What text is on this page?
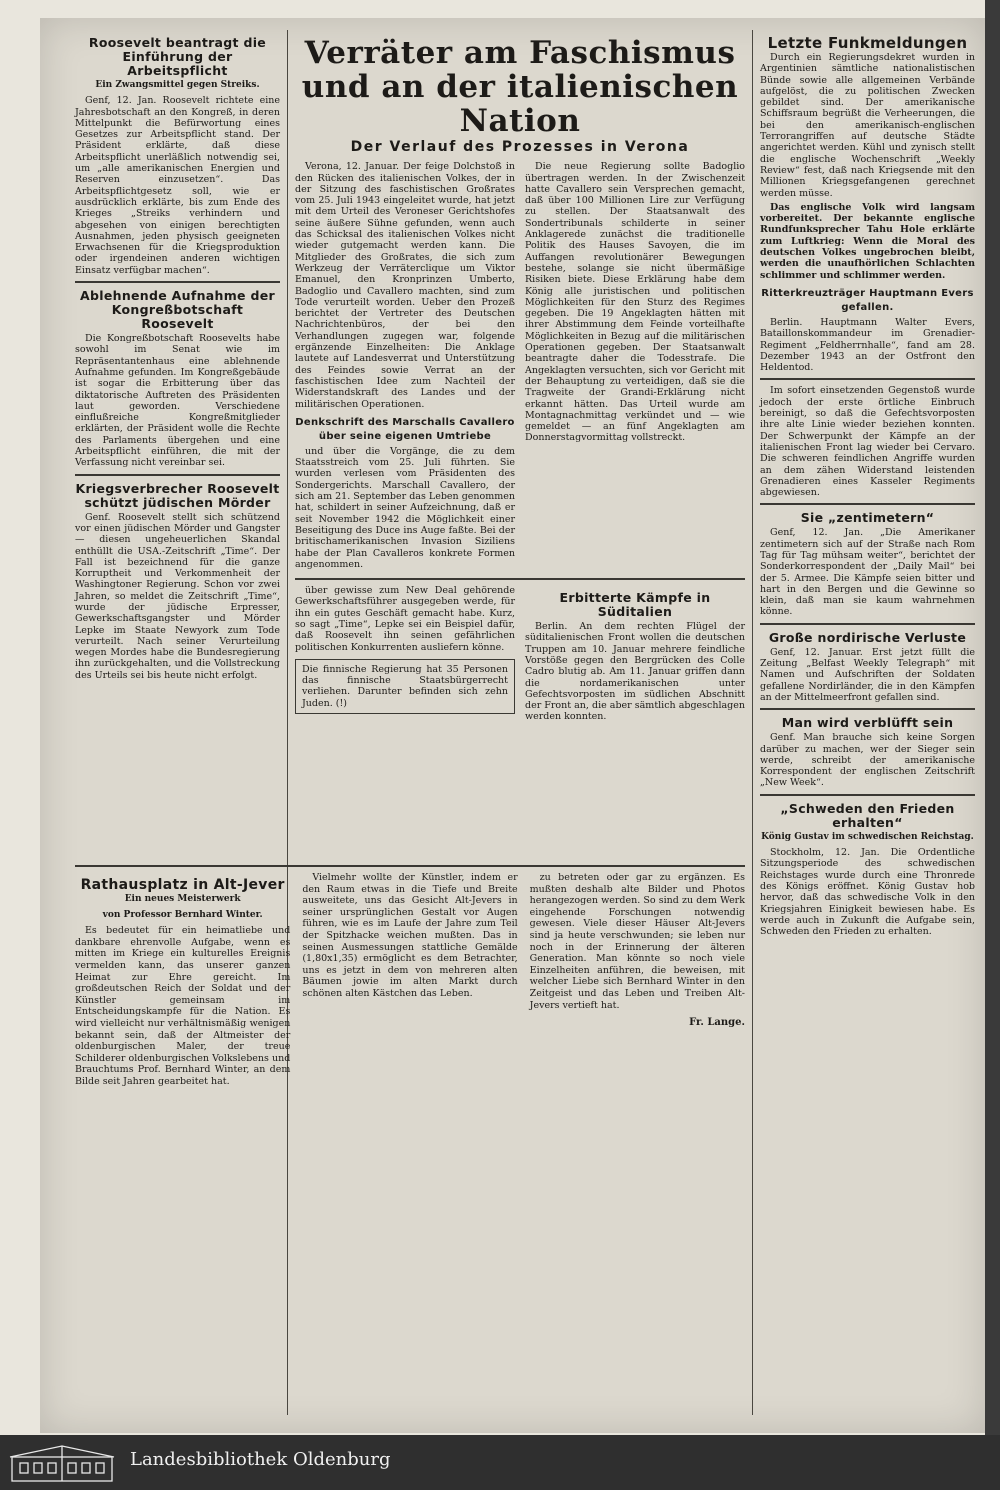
Roosevelt beantragt die Einführung der Arbeitspflicht
Ein Zwangsmittel gegen Streiks.

Genf, 12. Jan. Roosevelt richtete eine Jahresbotschaft an den Kongreß, in deren Mittelpunkt die Befürwortung eines Gesetzes zur Arbeitspflicht stand. Der Präsident erklärte, daß diese Arbeitspflicht unerläßlich notwendig sei, um „alle amerikanischen Energien und Reserven einzusetzen“. Das Arbeitspflichtgesetz soll, wie er ausdrücklich erklärte, bis zum Ende des Krieges „Streiks verhindern und abgesehen von einigen berechtigten Ausnahmen, jeden physisch geeigneten Erwachsenen für die Kriegsproduktion oder irgendeinen anderen wichtigen Einsatz verfügbar machen“.

Ablehnende Aufnahme der Kongreßbotschaft Roosevelt

Die Kongreßbotschaft Roosevelts habe sowohl im Senat wie im Repräsentantenhaus eine ablehnende Aufnahme gefunden. Im Kongreßgebäude ist sogar die Erbitterung über das diktatorische Auftreten des Präsidenten laut geworden. Verschiedene einflußreiche Kongreßmitglieder erklärten, der Präsident wolle die Rechte des Parlaments übergehen und eine Arbeitspflicht einführen, die mit der Verfassung nicht vereinbar sei.

Kriegsverbrecher Roosevelt schützt jüdischen Mörder

Genf. Roosevelt stellt sich schützend vor einen jüdischen Mörder und Gangster — diesen ungeheuerlichen Skandal enthüllt die USA.-Zeitschrift „Time“. Der Fall ist bezeichnend für die ganze Korruptheit und Verkommenheit der Washingtoner Regierung. Schon vor zwei Jahren, so meldet die Zeitschrift „Time“, wurde der jüdische Erpresser, Gewerkschaftsgangster und Mörder Lepke im Staate Newyork zum Tode verurteilt. Nach seiner Verurteilung wegen Mordes habe die Bundesregierung ihn zurückgehalten, und die Vollstreckung des Urteils sei bis heute nicht erfolgt.

Verräter am Faschismus und an der italienischen Nation
Der Verlauf des Prozesses in Verona

Verona, 12. Januar. Der feige Dolchstoß in den Rücken des italienischen Volkes, der in der Sitzung des faschistischen Großrates vom 25. Juli 1943 eingeleitet wurde, hat jetzt mit dem Urteil des Veroneser Gerichtshofes seine äußere Sühne gefunden, wenn auch das Schicksal des italienischen Volkes nicht wieder gutgemacht werden kann. Die Mitglieder des Großrates, die sich zum Werkzeug der Verräterclique um Viktor Emanuel, den Kronprinzen Umberto, Badoglio und Cavallero machten, sind zum Tode verurteilt worden. Ueber den Prozeß berichtet der Vertreter des Deutschen Nachrichtenbüros, der bei den Verhandlungen zugegen war, folgende ergänzende Einzelheiten: Die Anklage lautete auf Landesverrat und Unterstützung des Feindes sowie Verrat an der faschistischen Idee zum Nachteil der Widerstandskraft des Landes und der militärischen Operationen.

Denkschrift des Marschalls Cavallero über seine eigenen Umtriebe

und über die Vorgänge, die zu dem Staatsstreich vom 25. Juli führten. Sie wurden verlesen vom Präsidenten des Sondergerichts. Marschall Cavallero, der sich am 21. September das Leben genommen hat, schildert in seiner Aufzeichnung, daß er seit November 1942 die Möglichkeit einer Beseitigung des Duce ins Auge faßte. Bei der britischamerikanischen Invasion Siziliens habe der Plan Cavalleros konkrete Formen angenommen.

Die neue Regierung sollte Badoglio übertragen werden. In der Zwischenzeit hatte Cavallero sein Versprechen gemacht, daß über 100 Millionen Lire zur Verfügung zu stellen. Der Staatsanwalt des Sondertribunals schilderte in seiner Anklagerede zunächst die traditionelle Politik des Hauses Savoyen, die im Auffangen revolutionärer Bewegungen bestehe, solange sie nicht übermäßige Risiken biete. Diese Erklärung habe dem König alle juristischen und politischen Möglichkeiten für den Sturz des Regimes gegeben. Die 19 Angeklagten hätten mit ihrer Abstimmung dem Feinde vorteilhafte Möglichkeiten in Bezug auf die militärischen Operationen gegeben. Der Staatsanwalt beantragte daher die Todesstrafe. Die Angeklagten versuchten, sich vor Gericht mit der Behauptung zu verteidigen, daß sie die Tragweite der Grandi-Erklärung nicht erkannt hätten. Das Urteil wurde am Montagnachmittag verkündet und — wie gemeldet — an fünf Angeklagten am Donnerstagvormittag vollstreckt.

über gewisse zum New Deal gehörende Gewerkschaftsführer ausgegeben werde, für ihn ein gutes Geschäft gemacht habe. Kurz, so sagt „Time“, Lepke sei ein Beispiel dafür, daß Roosevelt ihn seinen gefährlichen politischen Konkurrenten ausliefern könne.

Die finnische Regierung hat 35 Personen das finnische Staatsbürgerrecht verliehen. Darunter befinden sich zehn Juden. (!)
Erbitterte Kämpfe in Süditalien

Berlin. An dem rechten Flügel der süditalienischen Front wollen die deutschen Truppen am 10. Januar mehrere feindliche Vorstöße gegen den Bergrücken des Colle Cadro blutig ab. Am 11. Januar griffen dann die nordamerikanischen unter Gefechtsvorposten im südlichen Abschnitt der Front an, die aber sämtlich abgeschlagen werden konnten.

Rathausplatz in Alt-Jever
Ein neues Meisterwerk
von Professor Bernhard Winter.

Es bedeutet für ein heimatliebe und dankbare ehrenvolle Aufgabe, wenn es mitten im Kriege ein kulturelles Ereignis vermelden kann, das unserer ganzen Heimat zur Ehre gereicht. Im großdeutschen Reich der Soldat und der Künstler gemeinsam im Entscheidungskampfe für die Nation. Es wird vielleicht nur verhältnismäßig wenigen bekannt sein, daß der Altmeister der oldenburgischen Maler, der treue Schilderer oldenburgischen Volkslebens und Brauchtums Prof. Bernhard Winter, an dem Bilde seit Jahren gearbeitet hat.

Vielmehr wollte der Künstler, indem er den Raum etwas in die Tiefe und Breite ausweitete, uns das Gesicht Alt-Jevers in seiner ursprünglichen Gestalt vor Augen führen, wie es im Laufe der Jahre zum Teil der Spitzhacke weichen mußten. Das in seinen Ausmessungen stattliche Gemälde (1,80x1,35) ermöglicht es dem Betrachter, uns es jetzt in dem von mehreren alten Bäumen jowie im alten Markt durch schönen alten Kästchen das Leben.

zu betreten oder gar zu ergänzen. Es mußten deshalb alte Bilder und Photos herangezogen werden. So sind zu dem Werk eingehende Forschungen notwendig gewesen. Viele dieser Häuser Alt-Jevers sind ja heute verschwunden; sie leben nur noch in der Erinnerung der älteren Generation. Man könnte so noch viele Einzelheiten anführen, die beweisen, mit welcher Liebe sich Bernhard Winter in den Zeitgeist und das Leben und Treiben Alt-Jevers vertieft hat.

Fr. Lange.
Letzte Funkmeldungen

Durch ein Regierungsdekret wurden in Argentinien sämtliche nationalistischen Bünde sowie alle allgemeinen Verbände aufgelöst, die zu politischen Zwecken gebildet sind. Der amerikanische Schiffsraum begrüßt die Verheerungen, die bei den amerikanisch-englischen Terrorangriffen auf deutsche Städte angerichtet werden. Kühl und zynisch stellt die englische Wochenschrift „Weekly Review“ fest, daß nach Kriegsende mit den Millionen Kriegsgefangenen gerechnet werden müsse.

Das englische Volk wird langsam vorbereitet. Der bekannte englische Rundfunksprecher Tahu Hole erklärte zum Luftkrieg: Wenn die Moral des deutschen Volkes ungebrochen bleibt, werden die unaufhörlichen Schlachten schlimmer und schlimmer werden.

Ritterkreuzträger Hauptmann Evers gefallen.

Berlin. Hauptmann Walter Evers, Bataillonskommandeur im Grenadier-Regiment „Feldherrnhalle“, fand am 28. Dezember 1943 an der Ostfront den Heldentod.

Im sofort einsetzenden Gegenstoß wurde jedoch der erste örtliche Einbruch bereinigt, so daß die Gefechtsvorposten ihre alte Linie wieder beziehen konnten. Der Schwerpunkt der Kämpfe an der italienischen Front lag wieder bei Cervaro. Die schweren feindlichen Angriffe wurden an dem zähen Widerstand leistenden Grenadieren eines Kasseler Regiments abgewiesen.

Sie „zentimetern“

Genf, 12. Jan. „Die Amerikaner zentimetern sich auf der Straße nach Rom Tag für Tag mühsam weiter“, berichtet der Sonderkorrespondent der „Daily Mail“ bei der 5. Armee. Die Kämpfe seien bitter und hart in den Bergen und die Gewinne so klein, daß man sie kaum wahrnehmen könne.

Große nordirische Verluste

Genf, 12. Januar. Erst jetzt füllt die Zeitung „Belfast Weekly Telegraph“ mit Namen und Aufschriften der Soldaten gefallene Nordirländer, die in den Kämpfen an der Mittelmeerfront gefallen sind.

Man wird verblüfft sein

Genf. Man brauche sich keine Sorgen darüber zu machen, wer der Sieger sein werde, schreibt der amerikanische Korrespondent der englischen Zeitschrift „New Week“.

„Schweden den Frieden erhalten“
König Gustav im schwedischen Reichstag.

Stockholm, 12. Jan. Die Ordentliche Sitzungsperiode des schwedischen Reichstages wurde durch eine Thronrede des Königs eröffnet. König Gustav hob hervor, daß das schwedische Volk in den Kriegsjahren Einigkeit bewiesen habe. Es werde auch in Zukunft die Aufgabe sein, Schweden den Frieden zu erhalten.

Landesbibliothek Oldenburg
